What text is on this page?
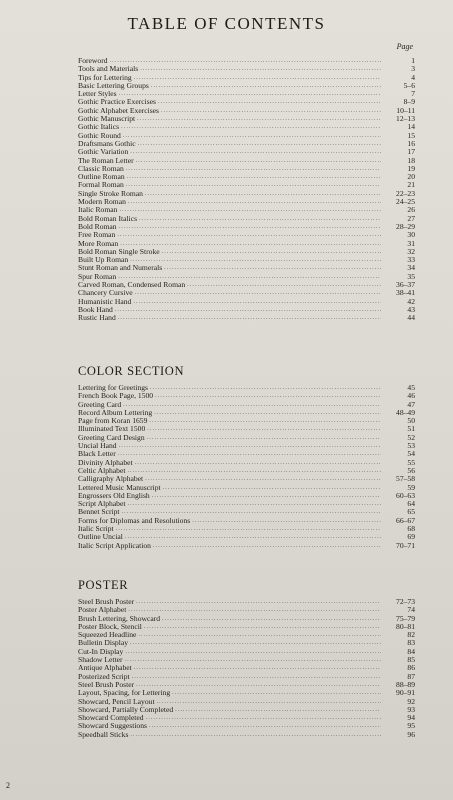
TABLE OF CONTENTS
Page
Foreword .....	1
Tools and Materials .....	3
Tips for Lettering .....	4
Basic Lettering Groups .....	5–6
Letter Styles .....	7
Gothic Practice Exercises .....	8–9
Gothic Alphabet Exercises .....	10–11
Gothic Manuscript .....	12–13
Gothic Italics .....	14
Gothic Round .....	15
Draftsmans Gothic .....	16
Gothic Variation .....	17
The Roman Letter .....	18
Classic Roman .....	19
Outline Roman .....	20
Formal Roman .....	21
Single Stroke Roman .....	22–23
Modern Roman .....	24–25
Italic Roman .....	26
Bold Roman Italics .....	27
Bold Roman .....	28–29
Free Roman .....	30
More Roman .....	31
Bold Roman Single Stroke .....	32
Built Up Roman .....	33
Stunt Roman and Numerals .....	34
Spur Roman .....	35
Carved Roman, Condensed Roman .....	36–37
Chancery Cursive .....	38–41
Humanistic Hand .....	42
Book Hand .....	43
Rustic Hand .....	44
COLOR SECTION
Lettering for Greetings .....	45
French Book Page, 1500 .....	46
Greeting Card .....	47
Record Album Lettering .....	48–49
Page from Koran 1659 .....	50
Illuminated Text 1500 .....	51
Greeting Card Design .....	52
Uncial Hand .....	53
Black Letter .....	54
Divinity Alphabet .....	55
Celtic Alphabet .....	56
Calligraphy Alphabet .....	57–58
Lettered Music Manuscript .....	59
Engrossers Old English .....	60–63
Script Alphabet .....	64
Bennet Script .....	65
Forms for Diplomas and Resolutions .....	66–67
Italic Script .....	68
Outline Uncial .....	69
Italic Script Application .....	70–71
POSTER
Steel Brush Poster .....	72–73
Poster Alphabet .....	74
Brush Lettering, Showcard .....	75–79
Poster Block, Stencil .....	80–81
Squeezed Headline .....	82
Bulletin Display .....	83
Cut-In Display .....	84
Shadow Letter .....	85
Antique Alphabet .....	86
Posterized Script .....	87
Steel Brush Poster .....	88–89
Layout, Spacing, for Lettering .....	90–91
Showcard, Pencil Layout .....	92
Showcard, Partially Completed .....	93
Showcard Completed .....	94
Showcard Suggestions .....	95
Speedball Sticks .....	96
2
